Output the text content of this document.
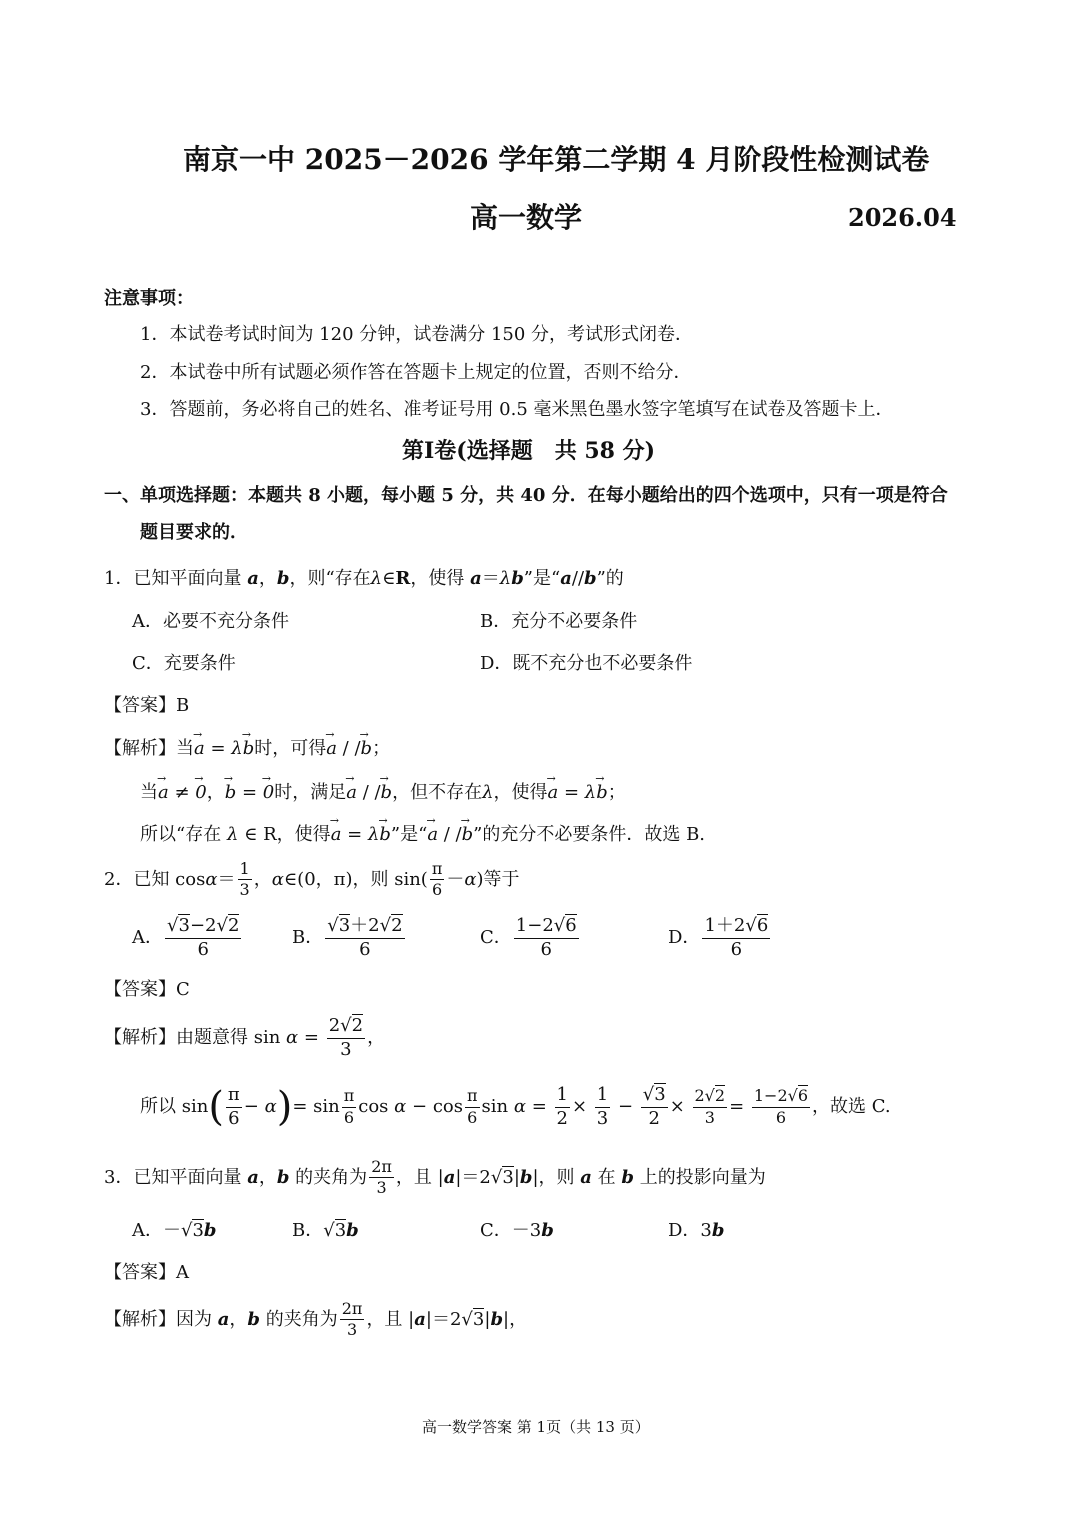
南京一中 2025－2026 学年第二学期 4 月阶段性检测试卷
高一数学	2026.04
注意事项：
1．本试卷考试时间为 120 分钟，试卷满分 150 分，考试形式闭卷．
2．本试卷中所有试题必须作答在答题卡上规定的位置，否则不给分．
3．答题前，务必将自己的姓名、准考证号用 0.5 毫米黑色墨水签字笔填写在试卷及答题卡上．
第Ⅰ卷(选择题　共 58 分)
一、单项选择题：本题共 8 小题，每小题 5 分，共 40 分．在每小题给出的四个选项中，只有一项是符合
题目要求的．
1．已知平面向量 a，b，则“存在λ∈R，使得 a＝λb”是“a//b”的
A．必要不充分条件	B．充分不必要条件
C．充要条件	D．既不充分也不必要条件
【答案】B
【解析】当→ a = λ→ b时，可得→ a / /→ b；
当→ a ≠ → 0，→ b = → 0时，满足→ a / /→ b，但不存在λ，使得→ a = λ→ b；
所以“存在 λ ∈ R，使得→ a = λ→ b”是“→ a / /→ b”的充分不必要条件．故选 B.
2．已知 $\cos\alpha= \frac{1}{3}$ ，α∈(0，π)，则 $\sin( \frac{\pi}{6} -\alpha)$等于
A． $\frac{√3-2√2}{6}$	B． $\frac{√3+2√2}{6}$	C． $\frac{1-2√6}{6}$	D． $\frac{1+2√6}{6}$
【答案】C
【解析】由题意得 $\sin \alpha = \frac{2√2}{3}$ ，
所以 $\sin( \frac{\pi}{6} - \alpha)= \sin \frac{\pi}{6}$ $\cos \alpha - \cos \frac{\pi}{6}$ $\sin \alpha = \frac{1}{2} \times \frac{1}{3} - \frac{√3}{2} \times \frac{2√2}{3} = \frac{1-2√6}{6}$ ，故选 C.
3．已知平面向量 a，b 的夹角为 $\frac{2\pi}{3}$ ，且 |a|＝2√3|b|，则 a 在 b 上的投影向量为
A．－√3b	B．√3b	C．－3b	D．3b
【答案】A
【解析】因为 a，b 的夹角为 $\frac{2\pi}{3}$ ，且 |a|＝2√3|b|，
高一数学答案 第 1页（共 13 页）
